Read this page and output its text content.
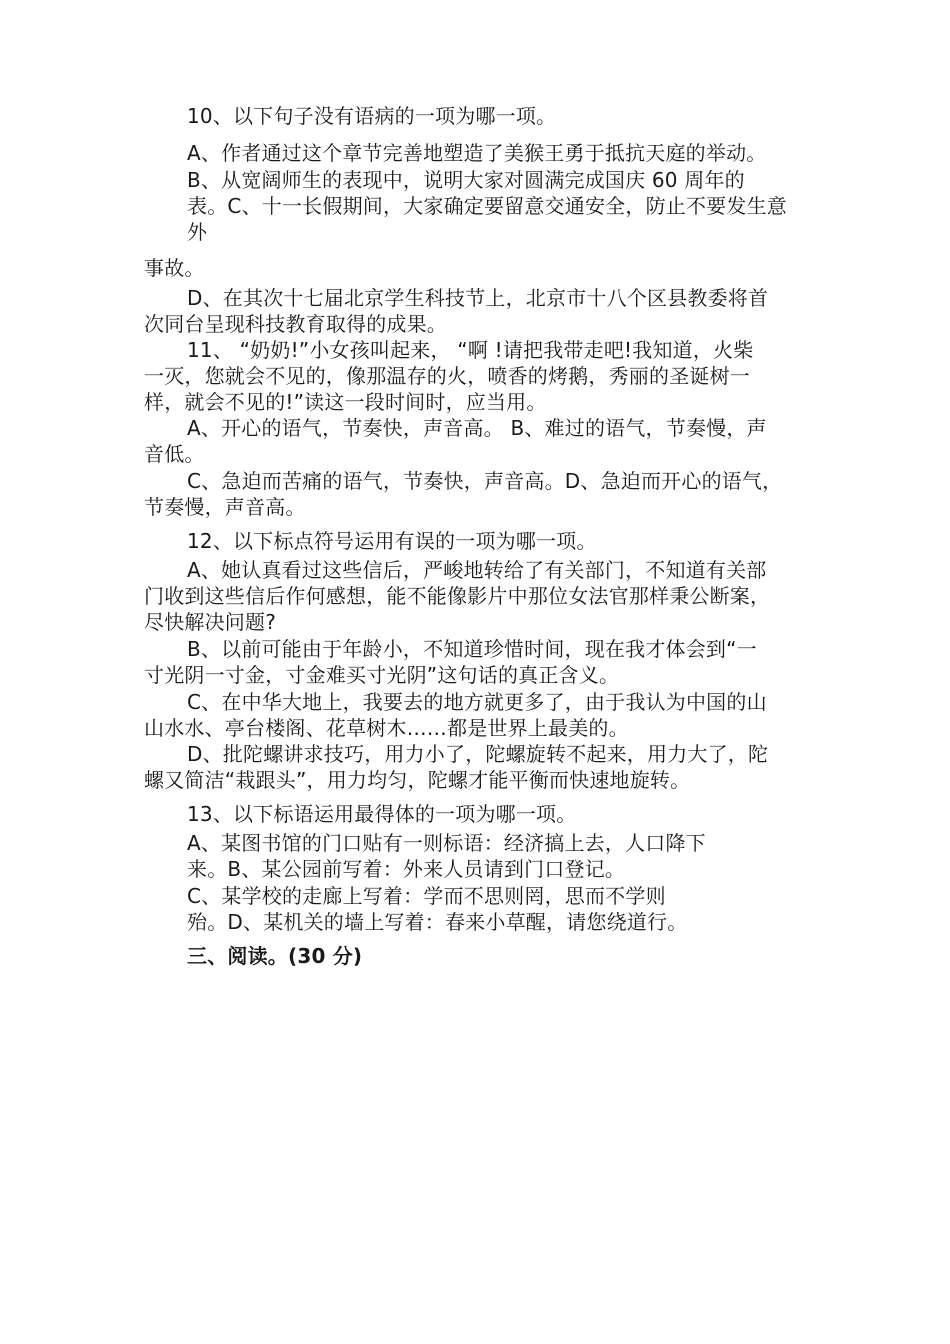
10、以下句子没有语病的一项为哪一项。
A、作者通过这个章节完善地塑造了美猴王勇于抵抗天庭的举动。
B、从宽阔师生的表现中，说明大家对圆满完成国庆 60 周年的
表。C、十一长假期间，大家确定要留意交通安全，防止不要发生意
外
事故。
D、在其次十七届北京学生科技节上，北京市十八个区县教委将首
次同台呈现科技教育取得的成果。
11、 “奶奶!”小女孩叫起来， “啊 !请把我带走吧!我知道，火柴
一灭，您就会不见的，像那温存的火，喷香的烤鹅，秀丽的圣诞树一
样，就会不见的!”读这一段时间时，应当用。
A、开心的语气，节奏快，声音高。 B、难过的语气，节奏慢，声
音低。
C、急迫而苦痛的语气，节奏快，声音高。D、急迫而开心的语气，
节奏慢，声音高。
12、以下标点符号运用有误的一项为哪一项。
A、她认真看过这些信后，严峻地转给了有关部门，不知道有关部
门收到这些信后作何感想，能不能像影片中那位女法官那样秉公断案，
尽快解决问题?
B、以前可能由于年龄小，不知道珍惜时间，现在我才体会到“一
寸光阴一寸金，寸金难买寸光阴”这句话的真正含义。
C、在中华大地上，我要去的地方就更多了，由于我认为中国的山
山水水、亭台楼阁、花草树木……都是世界上最美的。
D、批陀螺讲求技巧，用力小了，陀螺旋转不起来，用力大了，陀
螺又简洁“栽跟头”，用力均匀，陀螺才能平衡而快速地旋转。
13、以下标语运用最得体的一项为哪一项。
A、某图书馆的门口贴有一则标语：经济搞上去，人口降下
来。B、某公园前写着：外来人员请到门口登记。
C、某学校的走廊上写着：学而不思则罔，思而不学则
殆。D、某机关的墙上写着：春来小草醒，请您绕道行。
三、阅读。(30 分)
